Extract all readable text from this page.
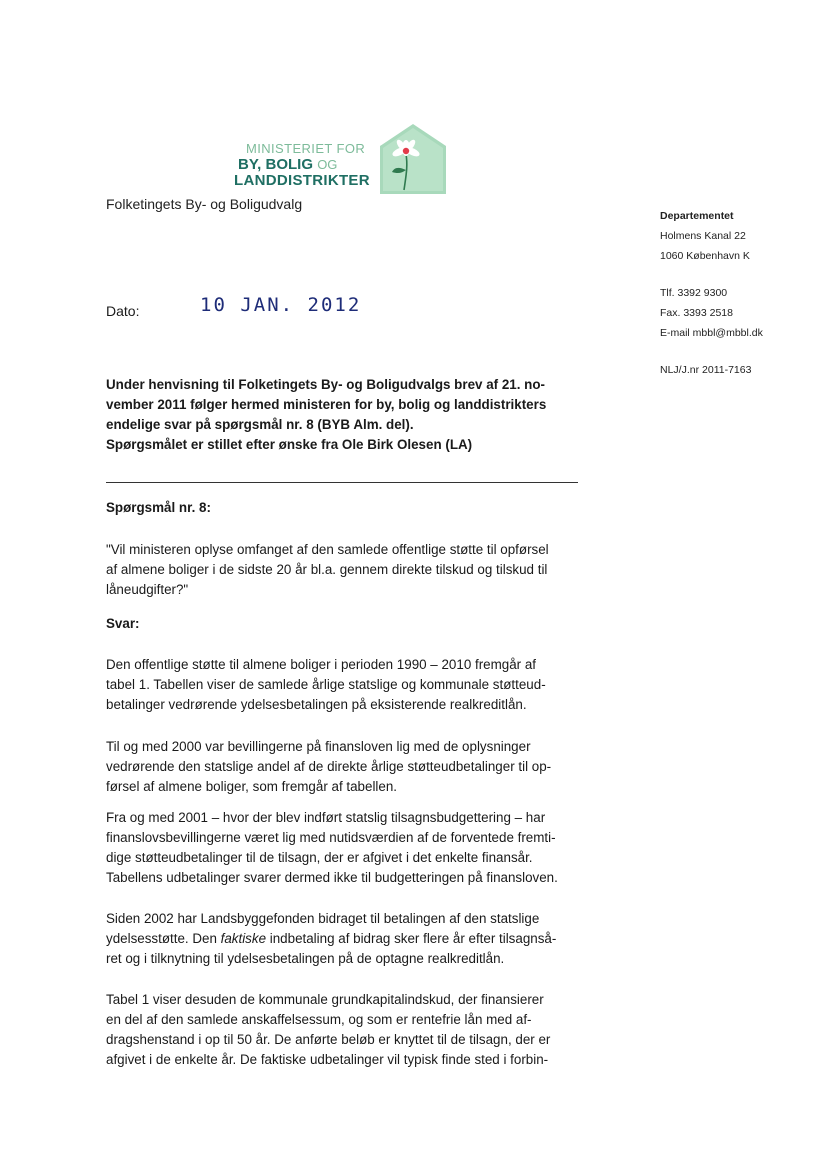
MINISTERIET FOR
BY, BOLIG OG
LANDDISTRIKTER
Folketingets By- og Boligudvalg
Departementet
Holmens Kanal 22
1060 København K
Tlf. 3392 9300
Fax. 3393 2518
E-mail mbbl@mbbl.dk
NLJ/J.nr 2011-7163
Dato:	10 JAN. 2012

Under henvisning til Folketingets By- og Boligudvalgs brev af 21. no-

vember 2011 følger hermed ministeren for by, bolig og landdistrikters

endelige svar på spørgsmål nr. 8 (BYB Alm. del).

Spørgsmålet er stillet efter ønske fra Ole Birk Olesen (LA)

Spørgsmål nr. 8:

"Vil ministeren oplyse omfanget af den samlede offentlige støtte til opførsel

af almene boliger i de sidste 20 år bl.a. gennem direkte tilskud og tilskud til

låneudgifter?"

Svar:

Den offentlige støtte til almene boliger i perioden 1990 – 2010 fremgår af

tabel 1. Tabellen viser de samlede årlige statslige og kommunale støtteud-

betalinger vedrørende ydelsesbetalingen på eksisterende realkreditlån.

Til og med 2000 var bevillingerne på finansloven lig med de oplysninger

vedrørende den statslige andel af de direkte årlige støtteudbetalinger til op-

førsel af almene boliger, som fremgår af tabellen.

Fra og med 2001 – hvor der blev indført statslig tilsagnsbudgettering – har

finanslovsbevillingerne været lig med nutidsværdien af de forventede fremti-

dige støtteudbetalinger til de tilsagn, der er afgivet i det enkelte finansår.

Tabellens udbetalinger svarer dermed ikke til budgetteringen på finansloven.

Siden 2002 har Landsbyggefonden bidraget til betalingen af den statslige

ydelsesstøtte. Den faktiske indbetaling af bidrag sker flere år efter tilsagnså-

ret og i tilknytning til ydelsesbetalingen på de optagne realkreditlån.

Tabel 1 viser desuden de kommunale grundkapitalindskud, der finansierer

en del af den samlede anskaffelsessum, og som er rentefrie lån med af-

dragshenstand i op til 50 år. De anførte beløb er knyttet til de tilsagn, der er

afgivet i de enkelte år. De faktiske udbetalinger vil typisk finde sted i forbin-
